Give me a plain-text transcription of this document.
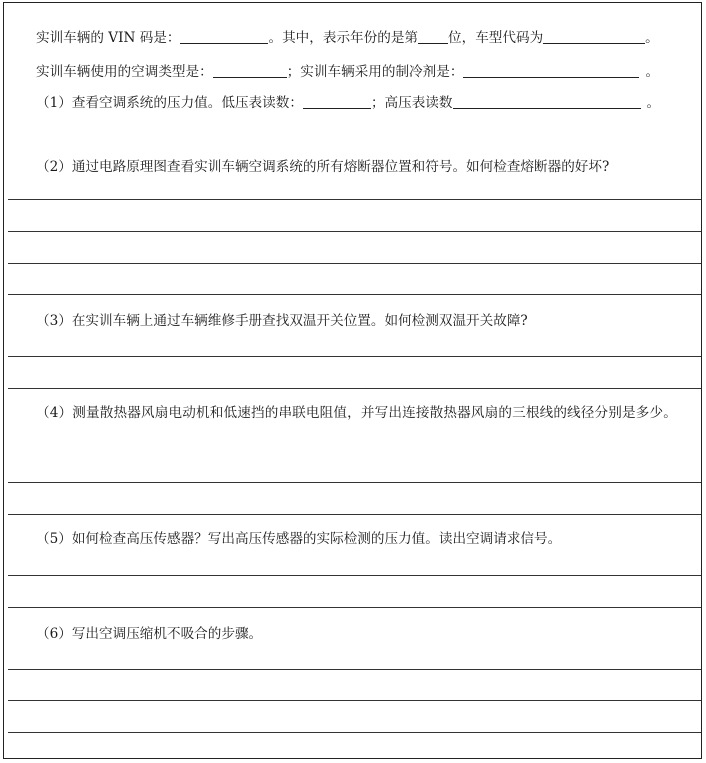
实训车辆的 VIN 码是：	。其中，表示年份的是第 位，车型代码为	。
实训车辆使用的空调类型是：	；实训车辆采用的制冷剂是：	。
（1）查看空调系统的压力值。低压表读数：	；高压表读数	。
（2）通过电路原理图查看实训车辆空调系统的所有熔断器位置和符号。如何检查熔断器的好坏?
（3）在实训车辆上通过车辆维修手册查找双温开关位置。如何检测双温开关故障?
（4）测量散热器风扇电动机和低速挡的串联电阻值，并写出连接散热器风扇的三根线的线径分别是多少。
（5）如何检查高压传感器？写出高压传感器的实际检测的压力值。读出空调请求信号。
（6）写出空调压缩机不吸合的步骤。
